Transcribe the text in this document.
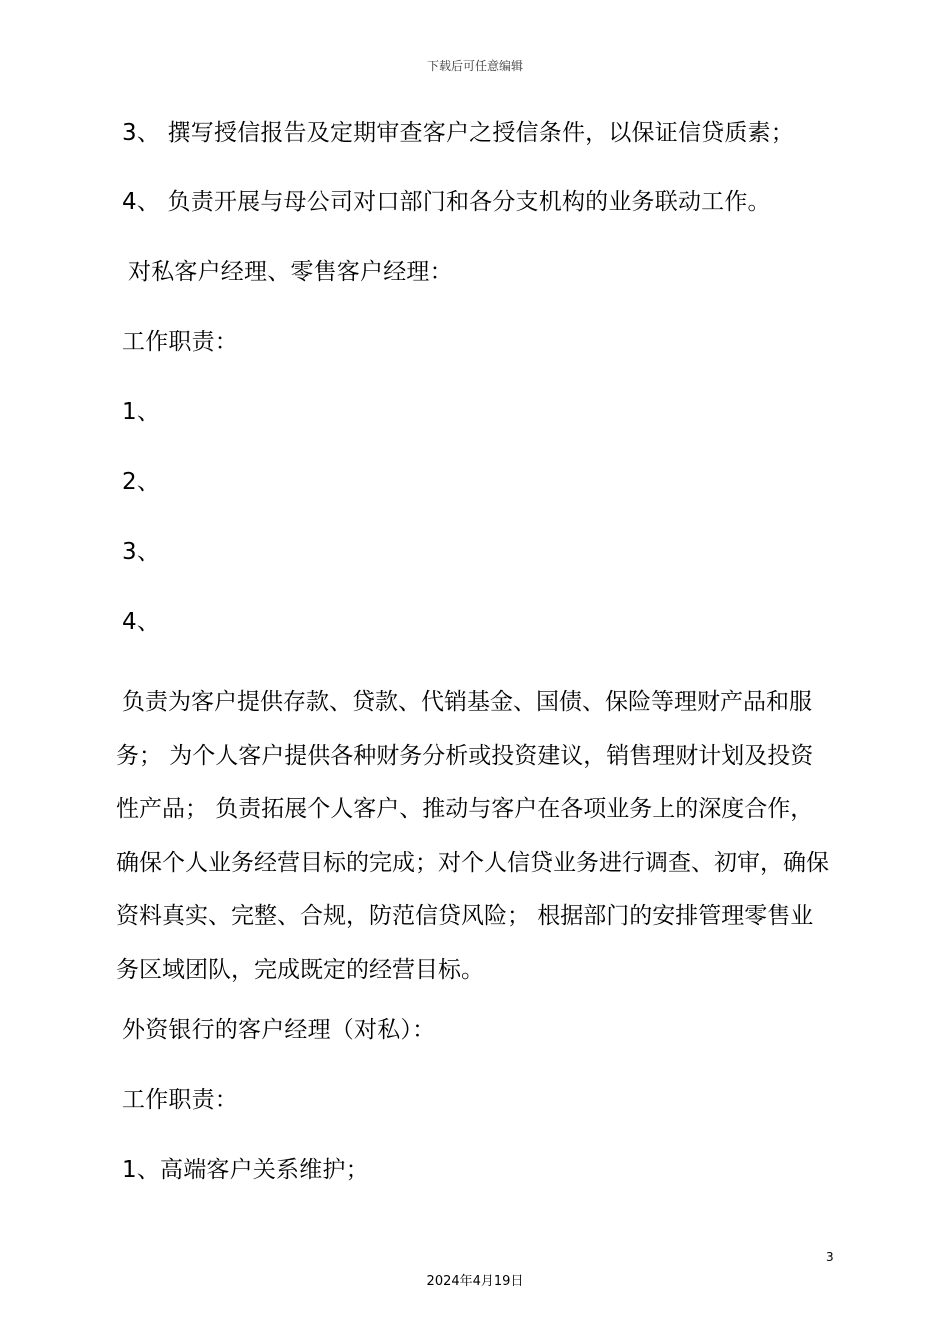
下载后可任意编辑
3、 撰写授信报告及定期审查客户之授信条件，以保证信贷质素；
4、 负责开展与母公司对口部门和各分支机构的业务联动工作。
对私客户经理、零售客户经理：
工作职责：
1、
2、
3、
4、
负责为客户提供存款、贷款、代销基金、国债、保险等理财产品和服
务； 为个人客户提供各种财务分析或投资建议，销售理财计划及投资
性产品； 负责拓展个人客户、推动与客户在各项业务上的深度合作，
确保个人业务经营目标的完成；对个人信贷业务进行调查、初审，确保
资料真实、完整、合规，防范信贷风险； 根据部门的安排管理零售业
务区域团队，完成既定的经营目标。
外资银行的客户经理（对私）：
工作职责：
1、高端客户关系维护；
3
2024年4月19日
